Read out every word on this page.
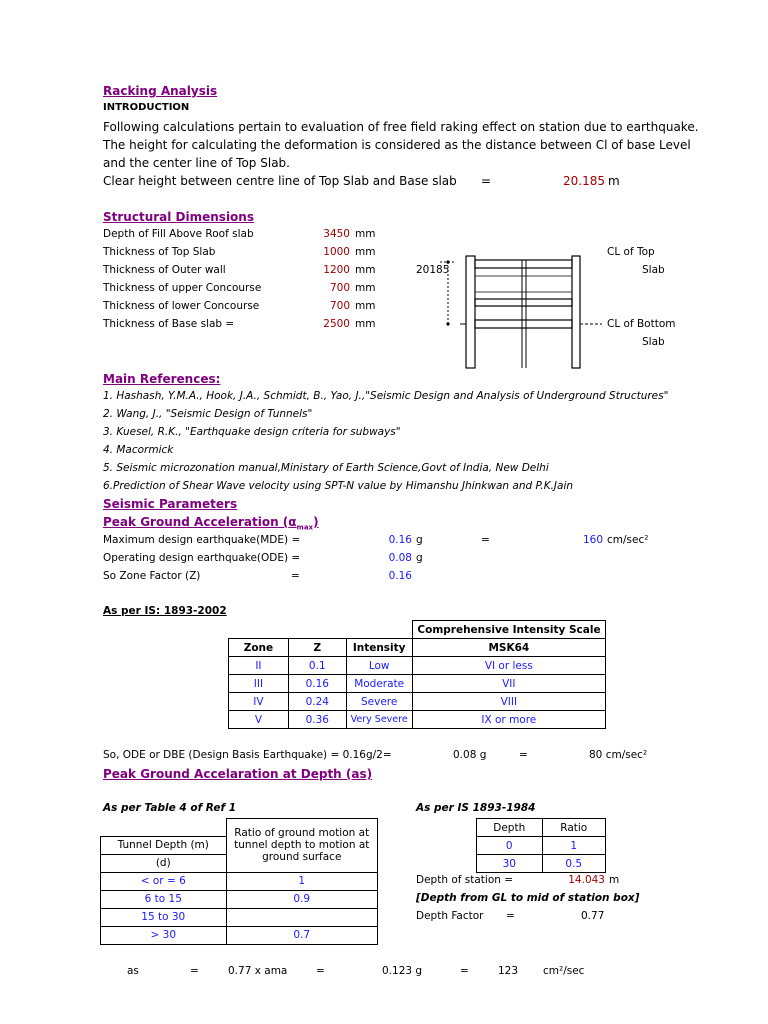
Racking Analysis
INTRODUCTION
Following calculations pertain to evaluation of free field raking effect on station due to earthquake.
The height for calculating the deformation is considered as the distance between Cl of base Level
and the center line of Top Slab.
Clear height between centre line of Top Slab and Base slab =	20.185 m
Structural Dimensions
Depth of Fill Above Roof slab	3450 mm
Thickness of Top Slab	1000 mm
Thickness of Outer wall	1200 mm
Thickness of upper Concourse	700 mm
Thickness of lower Concourse	700 mm
Thickness of Base slab =	2500 mm
20185
CL of Top
Slab
CL of Bottom
Slab
Main References:
1. Hashash, Y.M.A., Hook, J.A., Schmidt, B., Yao, J.,"Seismic Design and Analysis of Underground Structures"
2. Wang, J., "Seismic Design of Tunnels"
3. Kuesel, R.K., "Earthquake design criteria for subways"
4. Macormick
5. Seismic microzonation manual,Ministary of Earth Science,Govt of India, New Delhi
6.Prediction of Shear Wave velocity using SPT-N value by Himanshu Jhinkwan and P.K.Jain
Seismic Parameters
Peak Ground Acceleration $(\alpha_{max})$
Maximum design earthquake(MDE) =	0.16 g	=	160 cm/sec²
Operating design earthquake(ODE) =	0.08 g
So Zone Factor (Z)	=	0.16
As per IS: 1893-2002
Comprehensive Intensity Scale
Zone	Z	Intensity	MSK64
II	0.1	Low	VI or less
III	0.16	Moderate	VII
IV	0.24	Severe	VIII
V	0.36	Very Severe	IX or more
So, ODE or DBE (Design Basis Earthquake) = 0.16g/2=	0.08 g	=	80 cm/sec²
Peak Ground Accelaration at Depth (as)
As per Table 4 of Ref 1	As per IS 1893-1984
	Ratio of ground motion at tunnel depth to motion at ground surface
Tunnel Depth (m)	
(d)	
< or = 6	1
6 to 15	0.9
15 to 30	
> 30	0.7
Depth	Ratio
0	1
30	0.5
Depth of station =	14.043 m
[Depth from GL to mid of station box]
Depth Factor =	0.77
as	=	0.77 x ama	=	0.123 g	=	123 cm²/sec
